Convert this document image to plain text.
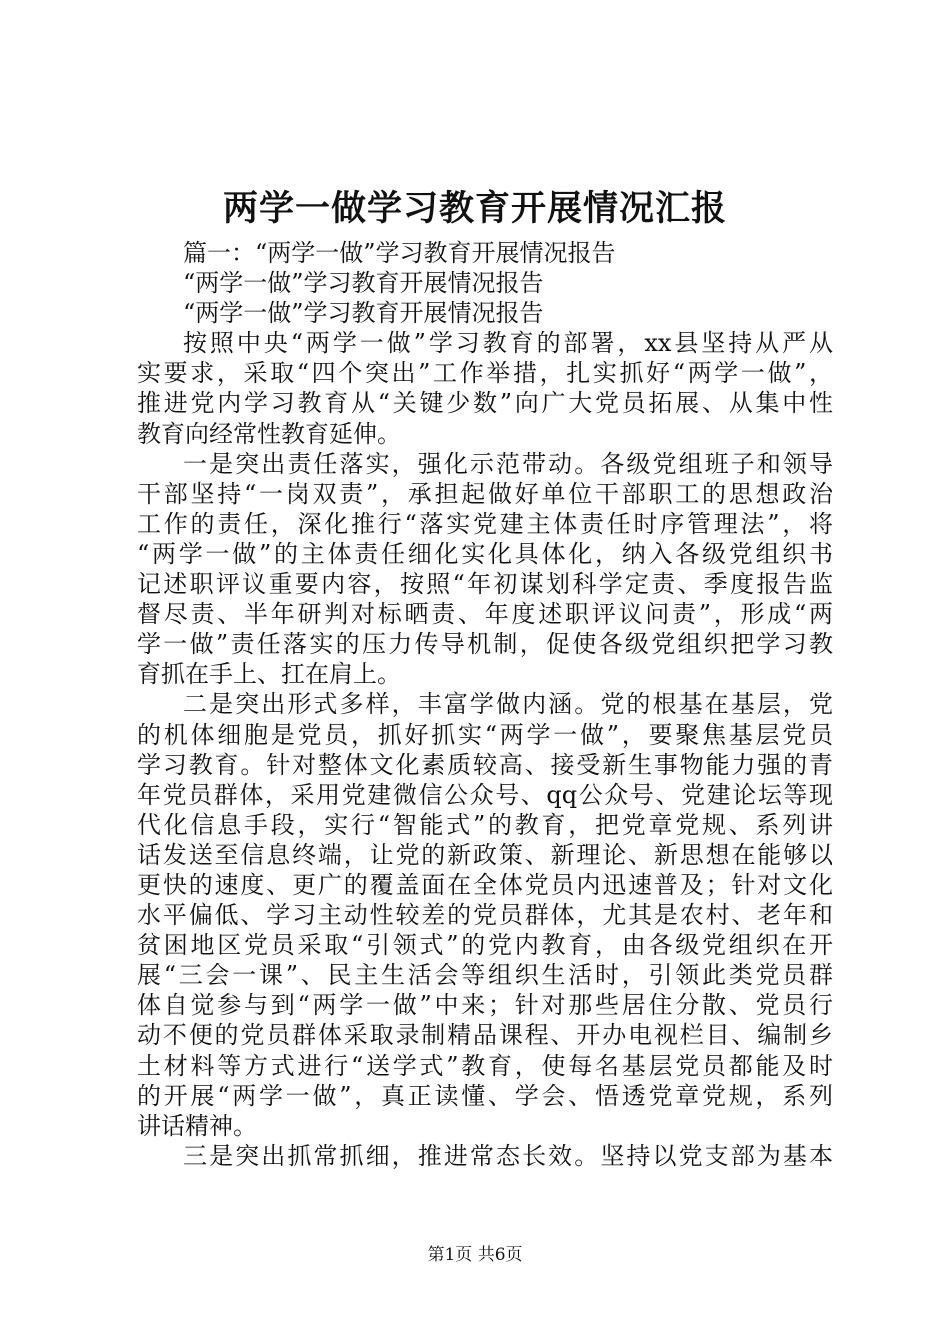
两学一做学习教育开展情况汇报
篇一：“两学一做”学习教育开展情况报告
“两学一做”学习教育开展情况报告
“两学一做”学习教育开展情况报告
按照中央“两学一做”学习教育的部署，xx县坚持从严从
实要求，采取“四个突出”工作举措，扎实抓好“两学一做”，
推进党内学习教育从“关键少数”向广大党员拓展、从集中性
教育向经常性教育延伸。
一是突出责任落实，强化示范带动。各级党组班子和领导
干部坚持“一岗双责”，承担起做好单位干部职工的思想政治
工作的责任，深化推行“落实党建主体责任时序管理法”，将
“两学一做”的主体责任细化实化具体化，纳入各级党组织书
记述职评议重要内容，按照“年初谋划科学定责、季度报告监
督尽责、半年研判对标晒责、年度述职评议问责”，形成“两
学一做”责任落实的压力传导机制，促使各级党组织把学习教
育抓在手上、扛在肩上。
二是突出形式多样，丰富学做内涵。党的根基在基层，党
的机体细胞是党员，抓好抓实“两学一做”，要聚焦基层党员
学习教育。针对整体文化素质较高、接受新生事物能力强的青
年党员群体，采用党建微信公众号、qq公众号、党建论坛等现
代化信息手段，实行“智能式”的教育，把党章党规、系列讲
话发送至信息终端，让党的新政策、新理论、新思想在能够以
更快的速度、更广的覆盖面在全体党员内迅速普及；针对文化
水平偏低、学习主动性较差的党员群体，尤其是农村、老年和
贫困地区党员采取“引领式”的党内教育，由各级党组织在开
展“三会一课”、民主生活会等组织生活时，引领此类党员群
体自觉参与到“两学一做”中来；针对那些居住分散、党员行
动不便的党员群体采取录制精品课程、开办电视栏目、编制乡
土材料等方式进行“送学式”教育，使每名基层党员都能及时
的开展“两学一做”，真正读懂、学会、悟透党章党规，系列
讲话精神。
三是突出抓常抓细，推进常态长效。坚持以党支部为基本
第1页 共6页
